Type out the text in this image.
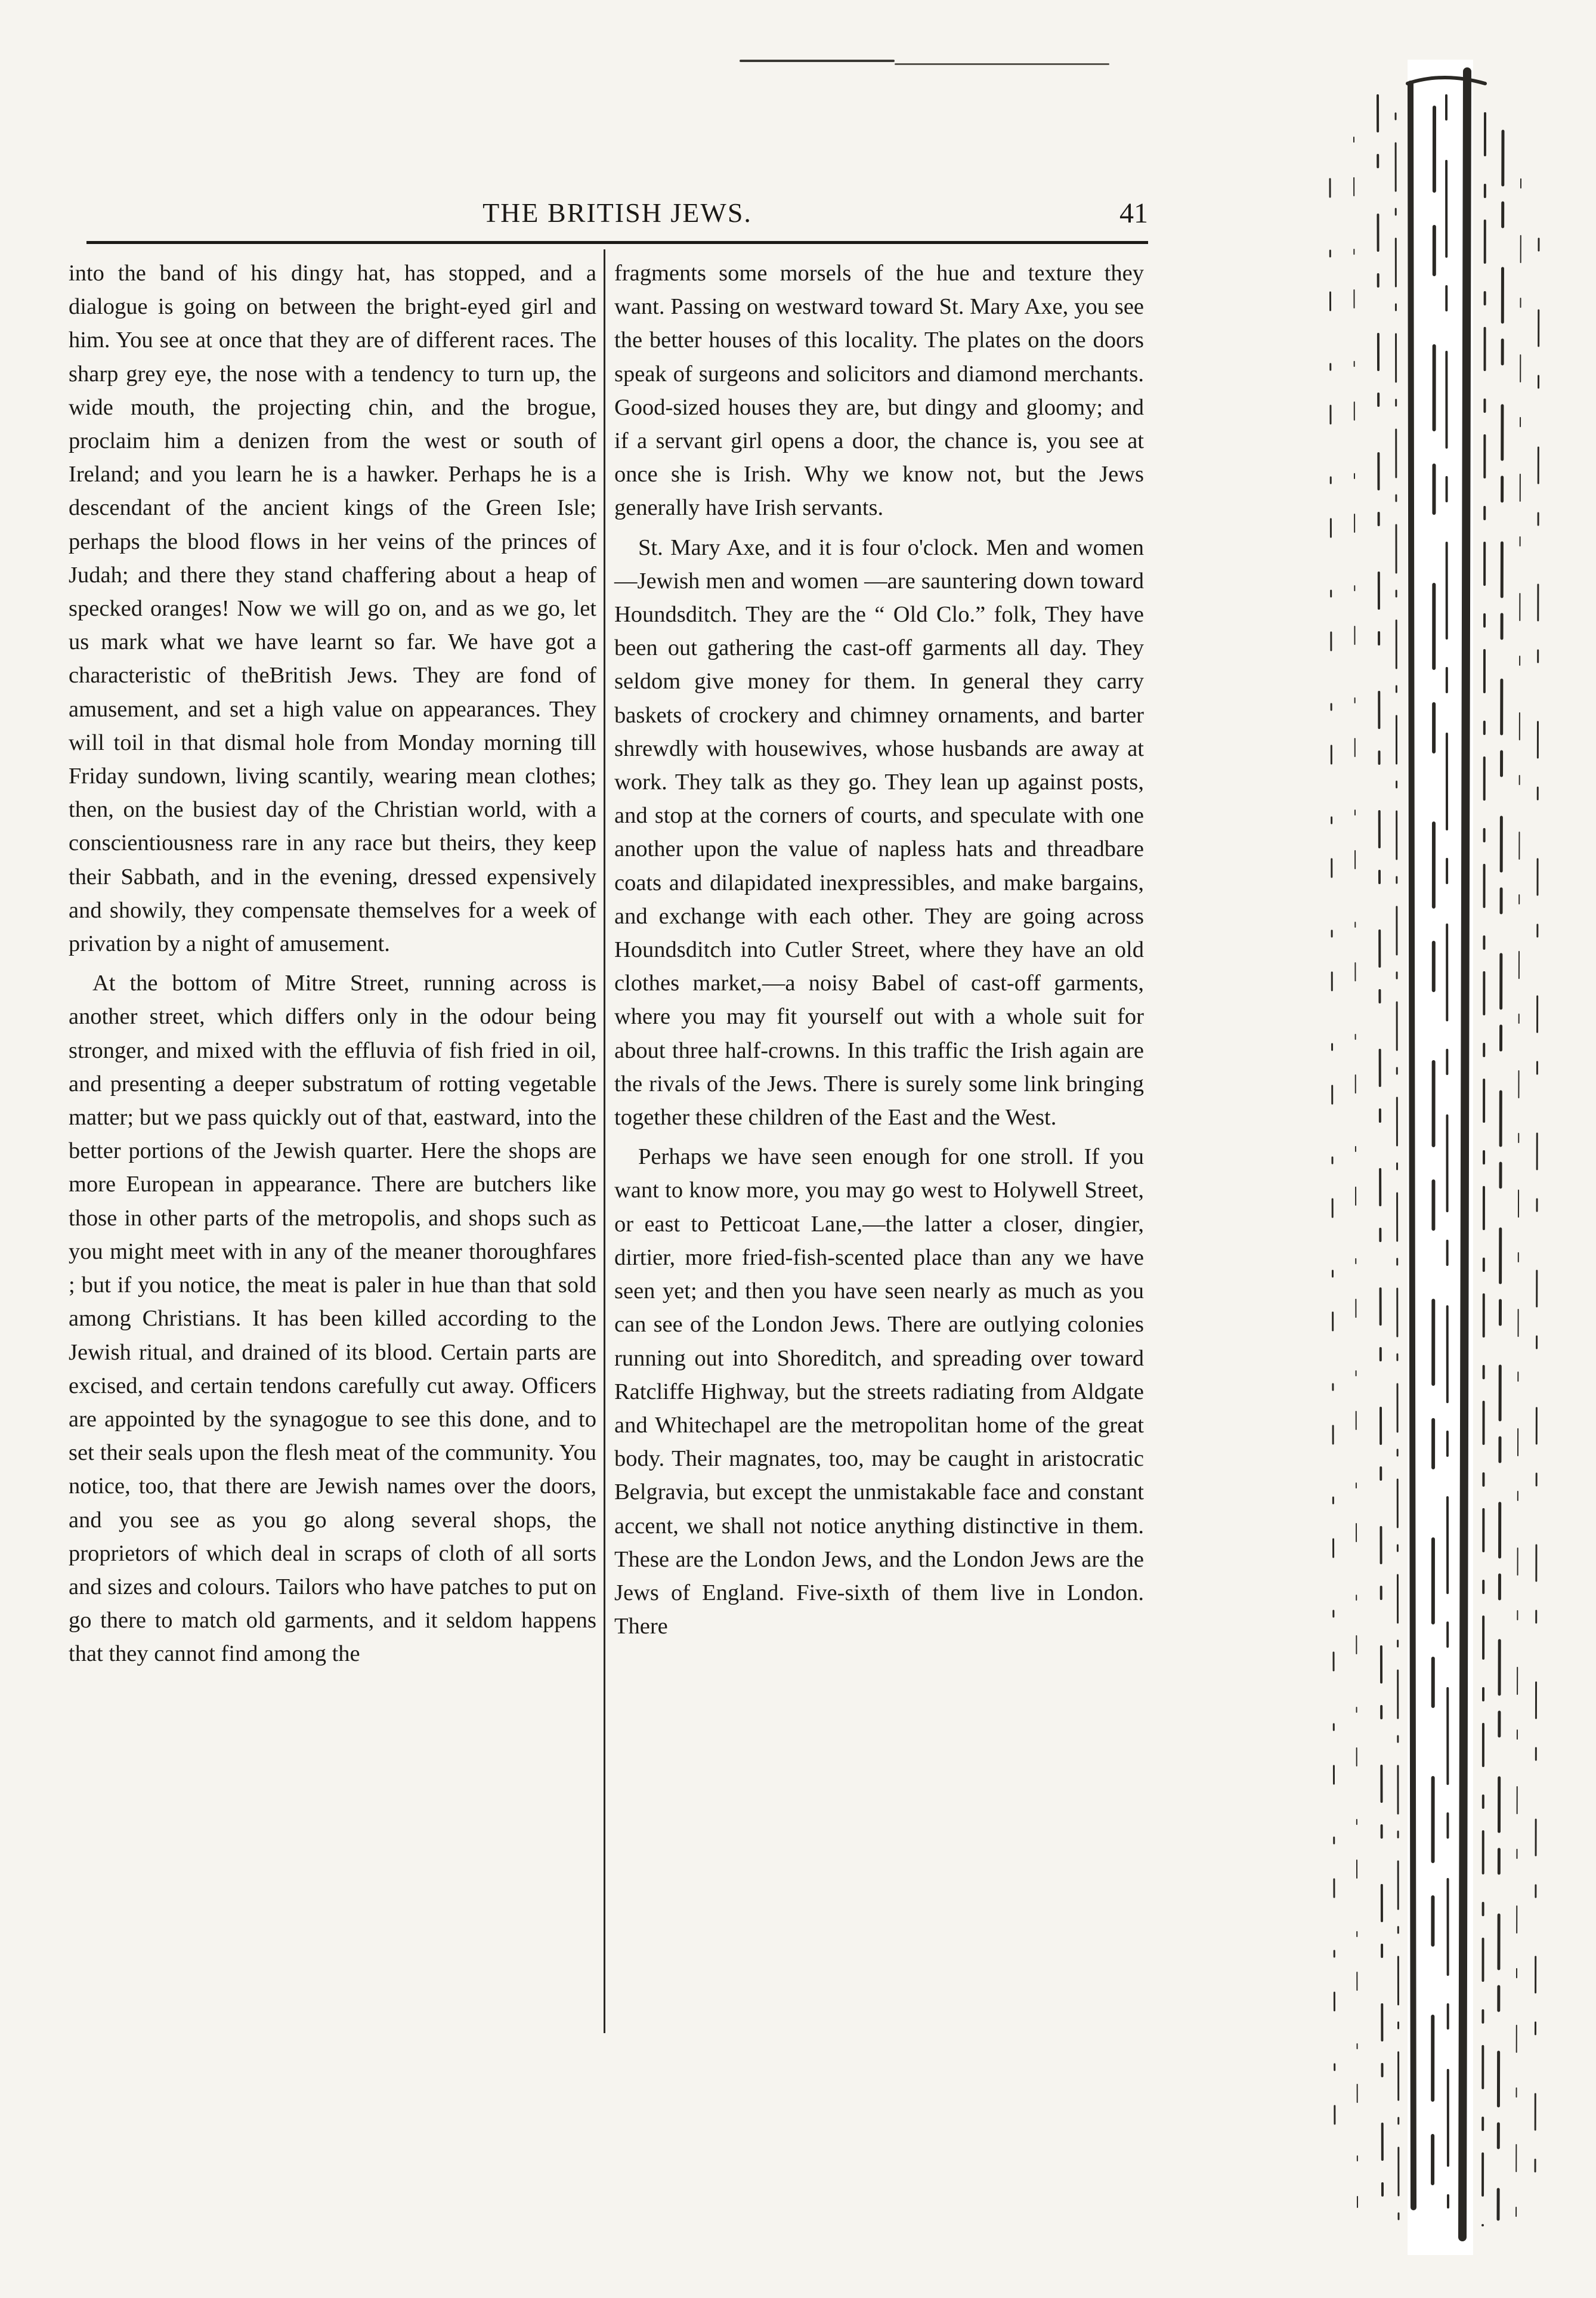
THE BRITISH JEWS.	41

into the band of his dingy hat, has stopped, and a dialogue is going on between the bright-eyed girl and him. You see at once that they are of different races. The sharp grey eye, the nose with a tendency to turn up, the wide mouth, the projecting chin, and the brogue, proclaim him a denizen from the west or south of Ireland; and you learn he is a hawker. Perhaps he is a descendant of the ancient kings of the Green Isle; perhaps the blood flows in her veins of the princes of Judah; and there they stand chaffering about a heap of specked oranges! Now we will go on, and as we go, let us mark what we have learnt so far. We have got a characteristic of theBritish Jews. They are fond of amusement, and set a high value on appearances. They will toil in that dismal hole from Monday morning till Friday sundown, living scantily, wearing mean clothes; then, on the busiest day of the Christian world, with a conscientiousness rare in any race but theirs, they keep their Sabbath, and in the evening, dressed expensively and showily, they compensate themselves for a week of privation by a night of amusement.

At the bottom of Mitre Street, running across is another street, which differs only in the odour being stronger, and mixed with the effluvia of fish fried in oil, and presenting a deeper substratum of rotting vegetable matter; but we pass quickly out of that, eastward, into the better portions of the Jewish quarter. Here the shops are more European in appearance. There are butchers like those in other parts of the metropolis, and shops such as you might meet with in any of the meaner thoroughfares ; but if you notice, the meat is paler in hue than that sold among Christians. It has been killed according to the Jewish ritual, and drained of its blood. Certain parts are excised, and certain tendons carefully cut away. Officers are appointed by the synagogue to see this done, and to set their seals upon the flesh meat of the community. You notice, too, that there are Jewish names over the doors, and you see as you go along several shops, the proprietors of which deal in scraps of cloth of all sorts and sizes and colours. Tailors who have patches to put on go there to match old garments, and it seldom happens that they cannot find among the

fragments some morsels of the hue and texture they want. Passing on westward toward St. Mary Axe, you see the better houses of this locality. The plates on the doors speak of surgeons and solicitors and diamond merchants. Good-sized houses they are, but dingy and gloomy; and if a servant girl opens a door, the chance is, you see at once she is Irish. Why we know not, but the Jews generally have Irish servants.

St. Mary Axe, and it is four o'clock. Men and women—Jewish men and women —are sauntering down toward Houndsditch. They are the “ Old Clo.” folk, They have been out gathering the cast-off garments all day. They seldom give money for them. In general they carry baskets of crockery and chimney ornaments, and barter shrewdly with housewives, whose husbands are away at work. They talk as they go. They lean up against posts, and stop at the corners of courts, and speculate with one another upon the value of napless hats and threadbare coats and dilapidated inexpressibles, and make bargains, and exchange with each other. They are going across Houndsditch into Cutler Street, where they have an old clothes market,—a noisy Babel of cast-off garments, where you may fit yourself out with a whole suit for about three half-crowns. In this traffic the Irish again are the rivals of the Jews. There is surely some link bringing together these children of the East and the West.

Perhaps we have seen enough for one stroll. If you want to know more, you may go west to Holywell Street, or east to Petticoat Lane,—the latter a closer, dingier, dirtier, more fried-fish-scented place than any we have seen yet; and then you have seen nearly as much as you can see of the London Jews. There are outlying colonies running out into Shoreditch, and spreading over toward Ratcliffe Highway, but the streets radiating from Aldgate and Whitechapel are the metropolitan home of the great body. Their magnates, too, may be caught in aristocratic Belgravia, but except the unmistakable face and constant accent, we shall not notice anything distinctive in them. These are the London Jews, and the London Jews are the Jews of England. Five-sixth of them live in London. There
